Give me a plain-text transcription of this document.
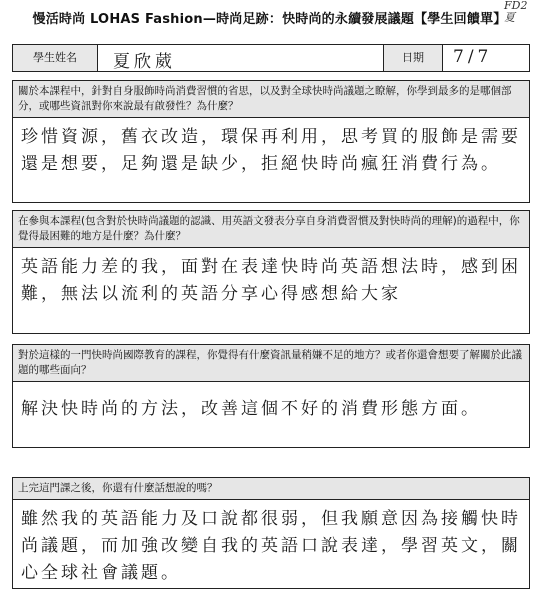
慢活時尚 LOHAS Fashion—時尚足跡：快時尚的永續發展議題【學生回饋單】
FD2
夏
學生姓名	夏欣葳	日期	7/7
關於本課程中，針對自身服飾時尚消費習慣的省思，以及對全球快時尚議題之瞭解，你學到最多的是哪個部分，或哪些資訊對你來說最有啟發性？為什麼？
珍惜資源，舊衣改造，環保再利用，思考買的服飾是需要還是想要，足夠還是缺少，拒絕快時尚瘋狂消費行為。
在參與本課程(包含對於快時尚議題的認識、用英語文發表分享自身消費習慣及對快時尚的理解)的過程中，你覺得最困難的地方是什麼？為什麼？
英語能力差的我，面對在表達快時尚英語想法時，感到困難，無法以流利的英語分享心得感想給大家
對於這樣的一門快時尚國際教育的課程，你覺得有什麼資訊量稍嫌不足的地方？或者你還會想要了解關於此議題的哪些面向？
解決快時尚的方法，改善這個不好的消費形態方面。
上完這門課之後，你還有什麼話想說的嗎？
雖然我的英語能力及口說都很弱，但我願意因為接觸快時尚議題，而加強改變自我的英語口說表達，學習英文，關心全球社會議題。
